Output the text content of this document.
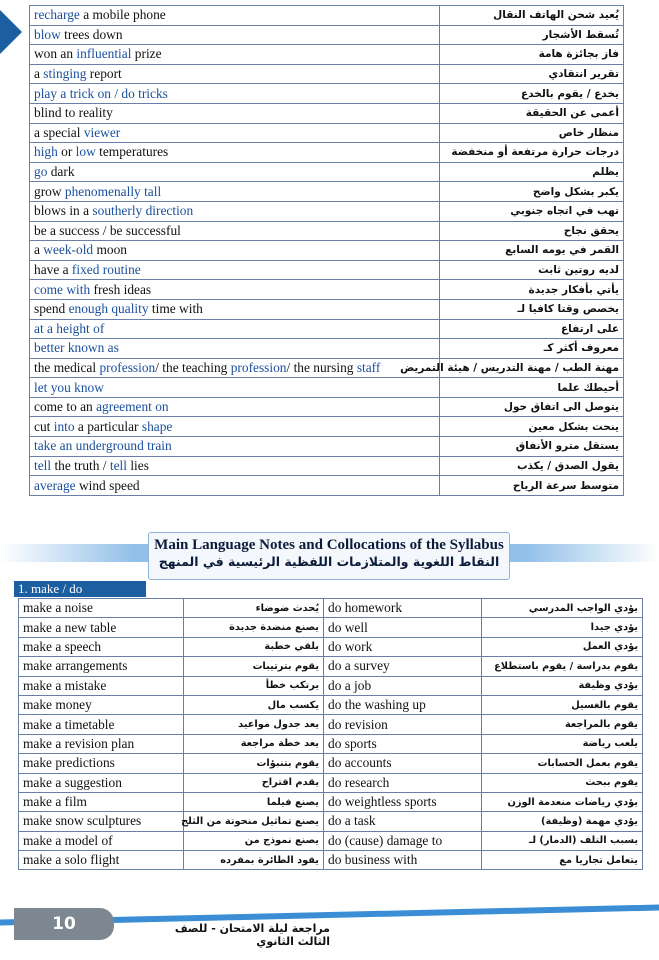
recharge a mobile phone	يُعيد شحن الهاتف النقال
blow trees down	تُسقط الأشجار
won an influential prize	فاز بجائزة هامة
a stinging report	تقرير انتقادي
play a trick on / do tricks	يخدع / يقوم بالخدع
blind to reality	أعمى عن الحقيقة
a special viewer	منظار خاص
high or low temperatures	درجات حرارة مرتفعة أو منخفضة
go dark	يظلم
grow phenomenally tall	يكبر بشكل واضح
blows in a southerly direction	تهب في اتجاه جنوبي
be a success / be successful	يحقق نجاح
a week-old moon	القمر في يومه السابع
have a fixed routine	لديه روتين ثابت
come with fresh ideas	يأتي بأفكار جديدة
spend enough quality time with	يخصص وقتا كافيا لـ
at a height of	على ارتفاع
better known as	معروف أكثر كـ
the medical profession/ the teaching profession/ the nursing staff	مهنة الطب / مهنة التدريس / هيئة التمريض
let you know	أحيطك علما
come to an agreement on	يتوصل الى اتفاق حول
cut into a particular shape	ينحت بشكل معين
take an underground train	يستقل مترو الأنفاق
tell the truth / tell lies	يقول الصدق / يكذب
average wind speed	متوسط سرعة الرياح
Main Language Notes and Collocations of the Syllabus
النقاط اللغوية والمتلازمات اللفظية الرئيسية في المنهج
1. make / do
make a noise	يُحدث ضوضاء	do homework	يؤدي الواجب المدرسي
make a new table	يصنع منضدة جديدة	do well	يؤدي جيدا
make a speech	يلقي خطبة	do work	يؤدي العمل
make arrangements	يقوم بترتيبات	do a survey	يقوم بدراسة / يقوم باستطلاع
make a mistake	يرتكب خطأ	do a job	يؤدي وظيفة
make money	يكسب مال	do the washing up	يقوم بالغسيل
make a timetable	يعد جدول مواعيد	do revision	يقوم بالمراجعة
make a revision plan	يعد خطة مراجعة	do sports	يلعب رياضة
make predictions	يقوم بتنبؤات	do accounts	يقوم بعمل الحسابات
make a suggestion	يقدم اقتراح	do research	يقوم ببحث
make a film	يصنع فيلما	do weightless sports	يؤدي رياضات منعدمة الوزن
make snow sculptures	يصنع تماثيل منحوتة من الثلج	do a task	يؤدي مهمة (وظيفة)
make a model of	يصنع نموذج من	do (cause) damage to	يسبب التلف (الدمار) لـ
make a solo flight	يقود الطائرة بمفرده	do business with	يتعامل تجاريا مع
10	مراجعة ليلة الامتحان - للصف الثالث الثانوي
